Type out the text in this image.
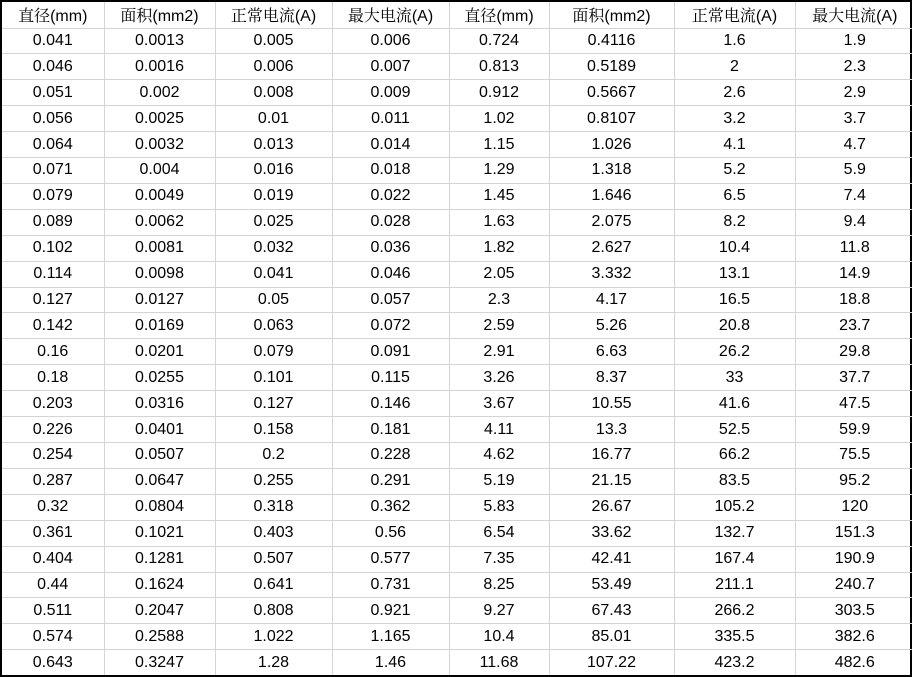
直径(mm)	面积(mm2)	正常电流(A)	最大电流(A)	直径(mm)	面积(mm2)	正常电流(A)	最大电流(A)
0.041	0.0013	0.005	0.006	0.724	0.4116	1.6	1.9
0.046	0.0016	0.006	0.007	0.813	0.5189	2	2.3
0.051	0.002	0.008	0.009	0.912	0.5667	2.6	2.9
0.056	0.0025	0.01	0.011	1.02	0.8107	3.2	3.7
0.064	0.0032	0.013	0.014	1.15	1.026	4.1	4.7
0.071	0.004	0.016	0.018	1.29	1.318	5.2	5.9
0.079	0.0049	0.019	0.022	1.45	1.646	6.5	7.4
0.089	0.0062	0.025	0.028	1.63	2.075	8.2	9.4
0.102	0.0081	0.032	0.036	1.82	2.627	10.4	11.8
0.114	0.0098	0.041	0.046	2.05	3.332	13.1	14.9
0.127	0.0127	0.05	0.057	2.3	4.17	16.5	18.8
0.142	0.0169	0.063	0.072	2.59	5.26	20.8	23.7
0.16	0.0201	0.079	0.091	2.91	6.63	26.2	29.8
0.18	0.0255	0.101	0.115	3.26	8.37	33	37.7
0.203	0.0316	0.127	0.146	3.67	10.55	41.6	47.5
0.226	0.0401	0.158	0.181	4.11	13.3	52.5	59.9
0.254	0.0507	0.2	0.228	4.62	16.77	66.2	75.5
0.287	0.0647	0.255	0.291	5.19	21.15	83.5	95.2
0.32	0.0804	0.318	0.362	5.83	26.67	105.2	120
0.361	0.1021	0.403	0.56	6.54	33.62	132.7	151.3
0.404	0.1281	0.507	0.577	7.35	42.41	167.4	190.9
0.44	0.1624	0.641	0.731	8.25	53.49	211.1	240.7
0.511	0.2047	0.808	0.921	9.27	67.43	266.2	303.5
0.574	0.2588	1.022	1.165	10.4	85.01	335.5	382.6
0.643	0.3247	1.28	1.46	11.68	107.22	423.2	482.6
